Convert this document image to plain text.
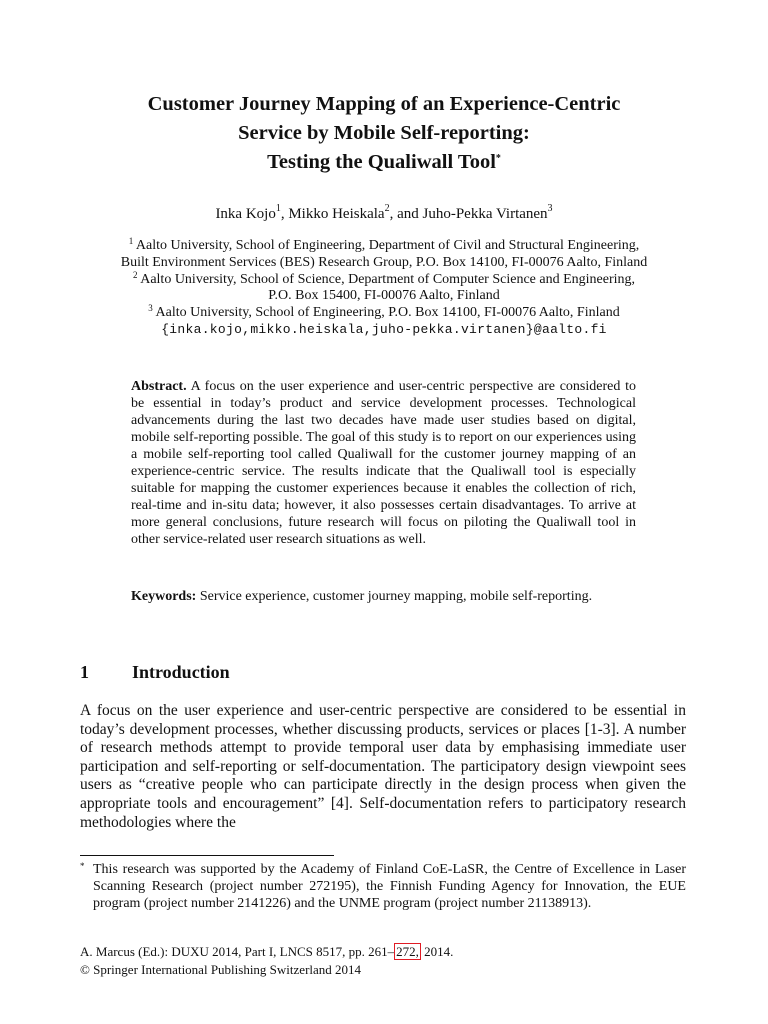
Customer Journey Mapping of an Experience-Centric
Service by Mobile Self-reporting:
Testing the Qualiwall Tool*
Inka Kojo$^1$, Mikko Heiskala$^2$, and Juho-Pekka Virtanen$^3$
$^1$ Aalto University, School of Engineering, Department of Civil and Structural Engineering,
Built Environment Services (BES) Research Group, P.O. Box 14100, FI-00076 Aalto, Finland
$^2$ Aalto University, School of Science, Department of Computer Science and Engineering,
P.O. Box 15400, FI-00076 Aalto, Finland
$^3$ Aalto University, School of Engineering, P.O. Box 14100, FI-00076 Aalto, Finland
{inka.kojo,mikko.heiskala,juho-pekka.virtanen}@aalto.fi
Abstract. A focus on the user experience and user-centric perspective are considered to be essential in today’s product and service development processes. Technological advancements during the last two decades have made user studies based on digital, mobile self-reporting possible. The goal of this study is to report on our experiences using a mobile self-reporting tool called Qualiwall for the customer journey mapping of an experience-centric service. The results indicate that the Qualiwall tool is especially suitable for mapping the customer experiences because it enables the collection of rich, real-time and in-situ data; however, it also possesses certain disadvantages. To arrive at more general conclusions, future research will focus on piloting the Qualiwall tool in other service-related user research situations as well.
Keywords: Service experience, customer journey mapping, mobile self-reporting.
1 Introduction
A focus on the user experience and user-centric perspective are considered to be essential in today’s development processes, whether discussing products, services or places [1-3]. A number of research methods attempt to provide temporal user data by emphasising immediate user participation and self-reporting or self-documentation. The participatory design viewpoint sees users as “creative people who can participate directly in the design process when given the appropriate tools and encouragement” [4]. Self-documentation refers to participatory research methodologies where the
* This research was supported by the Academy of Finland CoE-LaSR, the Centre of Excellence in Laser Scanning Research (project number 272195), the Finnish Funding Agency for Innovation, the EUE program (project number 2141226) and the UNME program (project number 21138913).
A. Marcus (Ed.): DUXU 2014, Part I, LNCS 8517, pp. 261– 272, 2014.
© Springer International Publishing Switzerland 2014
